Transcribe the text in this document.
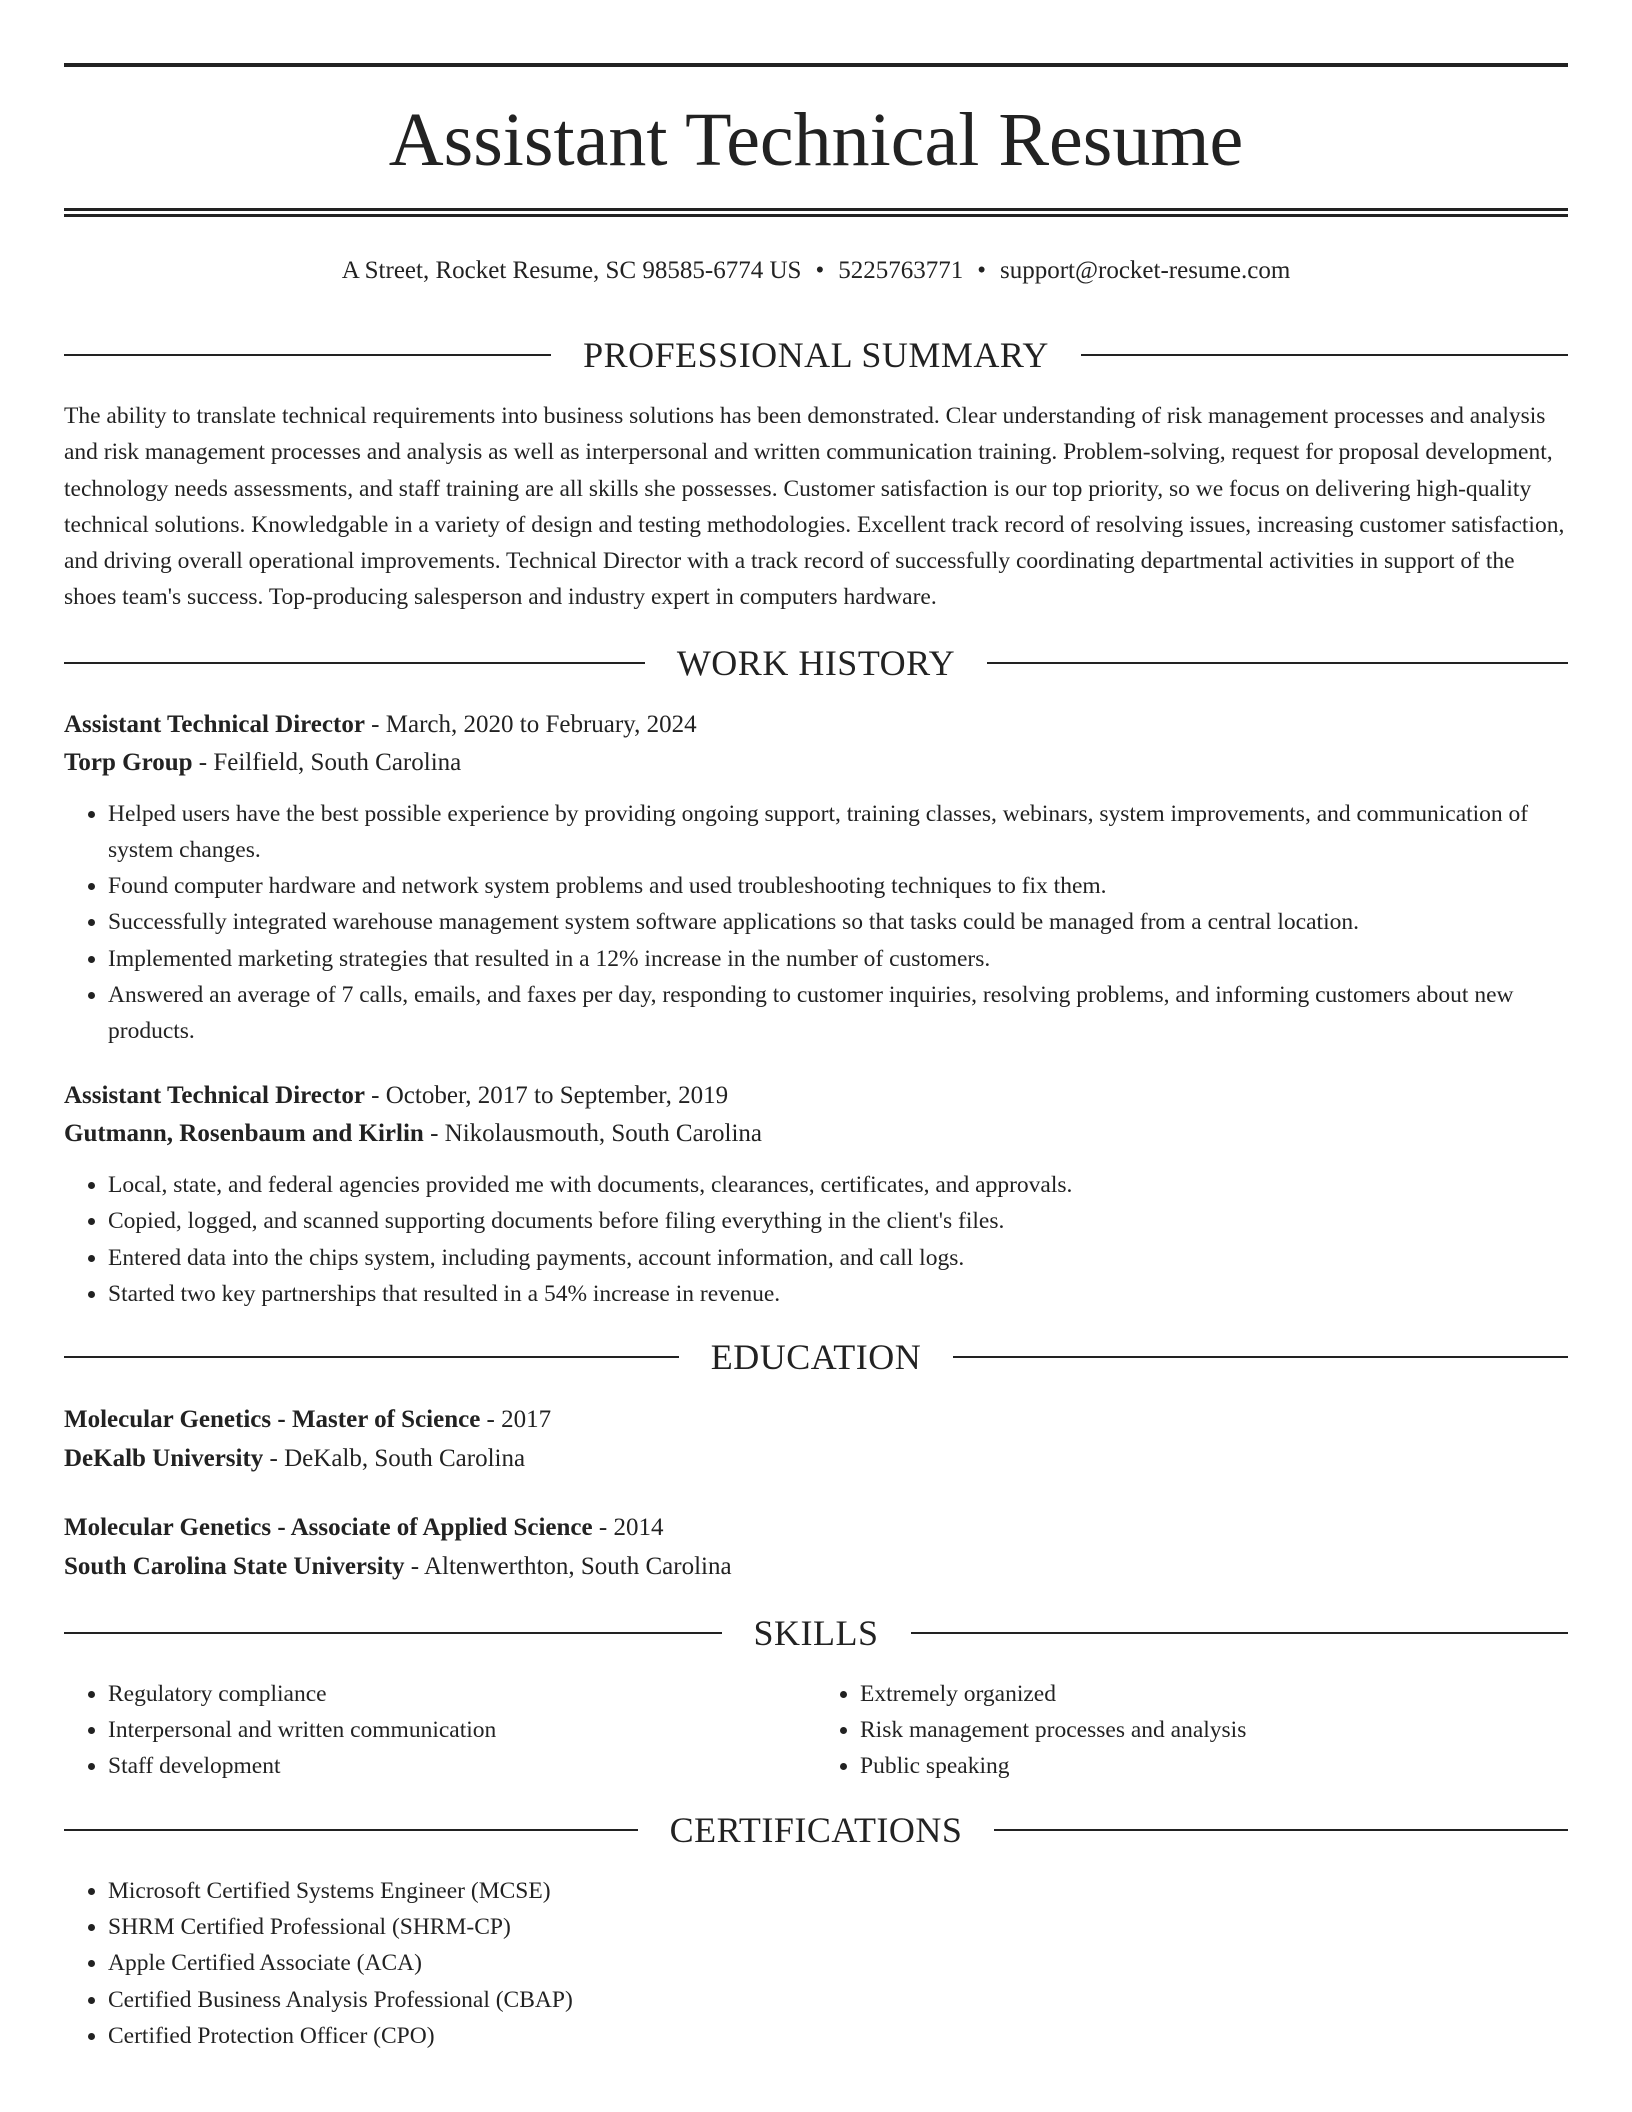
Assistant Technical Resume
A Street, Rocket Resume, SC 98585-6774 US • 5225763771 • support@rocket-resume.com
PROFESSIONAL SUMMARY

The ability to translate technical requirements into business solutions has been demonstrated. Clear understanding of risk management processes and analysis and risk management processes and analysis as well as interpersonal and written communication training. Problem-solving, request for proposal development, technology needs assessments, and staff training are all skills she possesses. Customer satisfaction is our top priority, so we focus on delivering high-quality technical solutions. Knowledgable in a variety of design and testing methodologies. Excellent track record of resolving issues, increasing customer satisfaction, and driving overall operational improvements. Technical Director with a track record of successfully coordinating departmental activities in support of the shoes team's success. Top-producing salesperson and industry expert in computers hardware.

WORK HISTORY
Assistant Technical Director - March, 2020 to February, 2024
Torp Group - Feilfield, South Carolina
• Helped users have the best possible experience by providing ongoing support, training classes, webinars, system improvements, and communication of system changes.
• Found computer hardware and network system problems and used troubleshooting techniques to fix them.
• Successfully integrated warehouse management system software applications so that tasks could be managed from a central location.
• Implemented marketing strategies that resulted in a 12% increase in the number of customers.
• Answered an average of 7 calls, emails, and faxes per day, responding to customer inquiries, resolving problems, and informing customers about new products.
Assistant Technical Director - October, 2017 to September, 2019
Gutmann, Rosenbaum and Kirlin - Nikolausmouth, South Carolina
• Local, state, and federal agencies provided me with documents, clearances, certificates, and approvals.
• Copied, logged, and scanned supporting documents before filing everything in the client's files.
• Entered data into the chips system, including payments, account information, and call logs.
• Started two key partnerships that resulted in a 54% increase in revenue.
EDUCATION
Molecular Genetics - Master of Science - 2017
DeKalb University - DeKalb, South Carolina
Molecular Genetics - Associate of Applied Science - 2014
South Carolina State University - Altenwerthton, South Carolina
SKILLS
• Regulatory compliance
• Interpersonal and written communication
• Staff development
• Extremely organized
• Risk management processes and analysis
• Public speaking
CERTIFICATIONS
• Microsoft Certified Systems Engineer (MCSE)
• SHRM Certified Professional (SHRM-CP)
• Apple Certified Associate (ACA)
• Certified Business Analysis Professional (CBAP)
• Certified Protection Officer (CPO)
